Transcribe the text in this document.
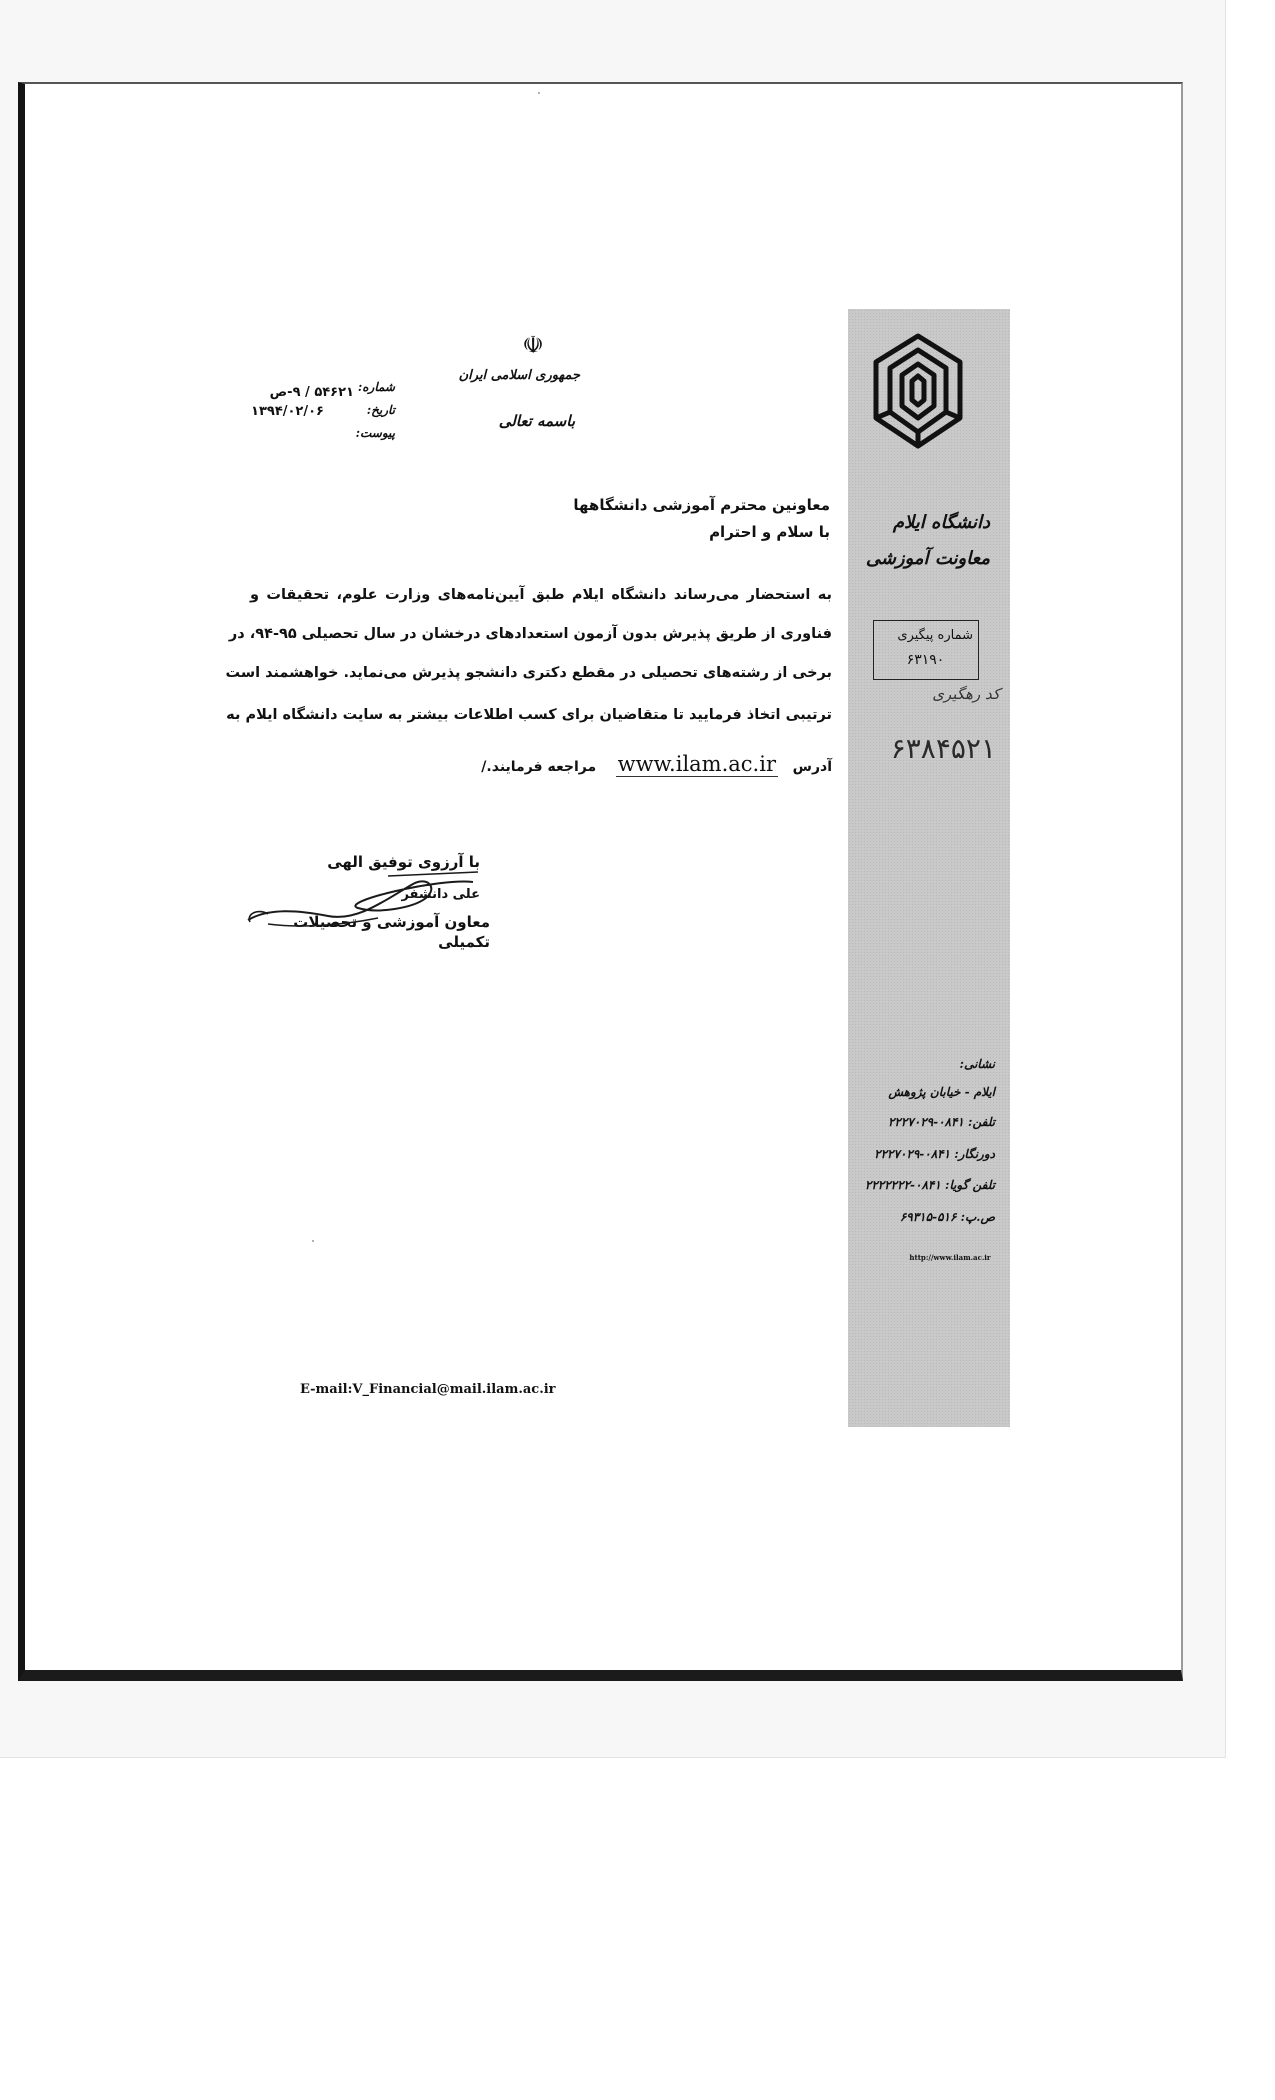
☫
جمهوری اسلامی ایران
باسمه تعالی
شماره:
تاریخ:
پیوست:
۵۴۶۲۱ / ۹-ص
۱۳۹۴/۰۲/۰۶
معاونین محترم آموزشی دانشگاهها
با سلام و احترام
به استحضار می‌رساند دانشگاه ایلام طبق آیین‌نامه‌های وزارت علوم، تحقیقات و
فناوری از طریق پذیرش بدون آزمون استعدادهای درخشان در سال تحصیلی ۹۵-۹۴، در
برخی از رشته‌های تحصیلی در مقطع دکتری دانشجو پذیرش می‌نماید. خواهشمند است
ترتیبی اتخاذ فرمایید تا متقاضیان برای کسب اطلاعات بیشتر به سایت دانشگاه ایلام به
آدرس   www.ilam.ac.ir    مراجعه فرمایند./
با آرزوی توفیق الهی
علی دانشفر
معاون آموزشی و تحصیلات تکمیلی
E-mail:V_Financial@mail.ilam.ac.ir
دانشگاه ایلام
معاونت آموزشی
شماره پیگیری
۶۳۱۹۰
کد رهگیری
۶۳۸۴۵۲۱
نشانی:
ایلام - خیابان پژوهش
تلفن: ۰۸۴۱-۲۲۲۷۰۲۹
دورنگار: ۰۸۴۱-۲۲۲۷۰۲۹
تلفن گویا: ۰۸۴۱-۲۲۲۲۲۲۲
ص.پ: ۵۱۶-۶۹۳۱۵
http://www.ilam.ac.ir
